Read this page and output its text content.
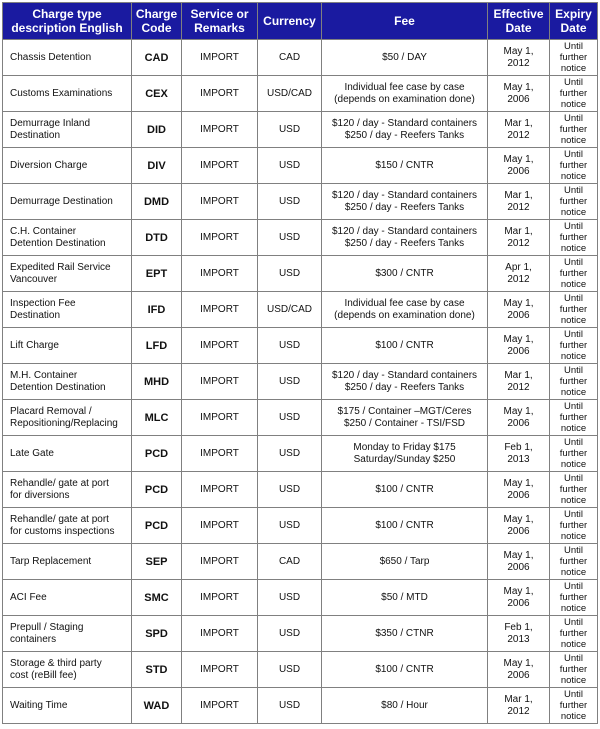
Charge type
description English	Charge
Code	Service or
Remarks	Currency	Fee	Effective
Date	Expiry
Date

Chassis Detention	CAD	IMPORT	CAD	$50 / DAY	May 1,
2012	Until
further
notice

Customs Examinations	CEX	IMPORT	USD/CAD	Individual fee case by case
(depends on examination done)	May 1,
2006	Until
further
notice

Demurrage Inland
Destination	DID	IMPORT	USD	$120 / day - Standard containers
$250 / day - Reefers Tanks	Mar 1,
2012	Until
further
notice

Diversion Charge	DIV	IMPORT	USD	$150 / CNTR	May 1,
2006	Until
further
notice

Demurrage Destination	DMD	IMPORT	USD	$120 / day - Standard containers
$250 / day - Reefers Tanks	Mar 1,
2012	Until
further
notice

C.H. Container
Detention Destination	DTD	IMPORT	USD	$120 / day - Standard containers
$250 / day - Reefers Tanks	Mar 1,
2012	Until
further
notice

Expedited Rail Service
Vancouver	EPT	IMPORT	USD	$300 / CNTR	Apr 1,
2012	Until
further
notice

Inspection Fee
Destination	IFD	IMPORT	USD/CAD	Individual fee case by case
(depends on examination done)	May 1,
2006	Until
further
notice

Lift Charge	LFD	IMPORT	USD	$100 / CNTR	May 1,
2006	Until
further
notice

M.H. Container
Detention Destination	MHD	IMPORT	USD	$120 / day - Standard containers
$250 / day - Reefers Tanks	Mar 1,
2012	Until
further
notice

Placard Removal /
Repositioning/Replacing	MLC	IMPORT	USD	$175 / Container –MGT/Ceres
$250 / Container - TSI/FSD	May 1,
2006	Until
further
notice

Late Gate	PCD	IMPORT	USD	Monday to Friday $175
Saturday/Sunday $250	Feb 1,
2013	Until
further
notice

Rehandle/ gate at port
for diversions	PCD	IMPORT	USD	$100 / CNTR	May 1,
2006	Until
further
notice

Rehandle/ gate at port
for customs inspections	PCD	IMPORT	USD	$100 / CNTR	May 1,
2006	Until
further
notice

Tarp Replacement	SEP	IMPORT	CAD	$650 / Tarp	May 1,
2006	Until
further
notice

ACI Fee	SMC	IMPORT	USD	$50 / MTD	May 1,
2006	Until
further
notice

Prepull / Staging
containers	SPD	IMPORT	USD	$350 / CTNR	Feb 1,
2013	Until
further
notice

Storage & third party
cost (reBill fee)	STD	IMPORT	USD	$100 / CNTR	May 1,
2006	Until
further
notice

Waiting Time	WAD	IMPORT	USD	$80 / Hour	Mar 1,
2012	Until
further
notice
